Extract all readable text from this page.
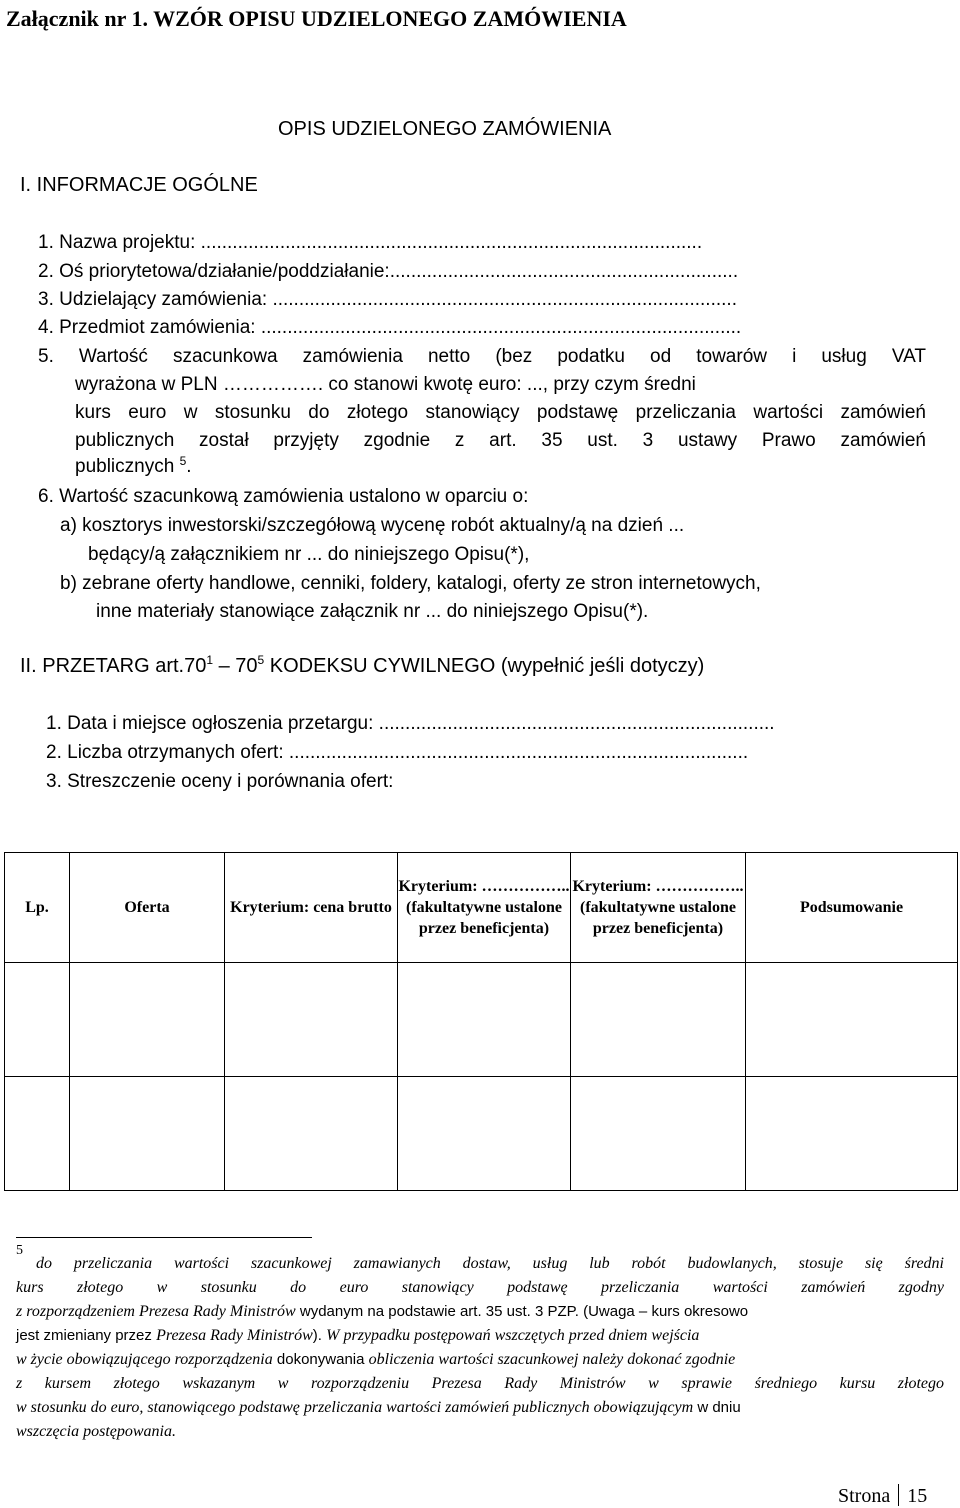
Załącznik nr 1. WZÓR OPISU UDZIELONEGO ZAMÓWIENIA
OPIS UDZIELONEGO ZAMÓWIENIA
I. INFORMACJE OGÓLNE
1. Nazwa projektu: ...............................................................................................
2. Oś priorytetowa/działanie/poddziałanie:..................................................................
3. Udzielający zamówienia: ........................................................................................
4. Przedmiot zamówienia: ...........................................................................................
5. Wartość szacunkowa zamówienia netto (bez podatku od towarów i usług VAT
wyrażona w PLN ……………. co stanowi kwotę euro: ..., przy czym średni
kurs euro w stosunku do złotego stanowiący podstawę przeliczania wartości zamówień
publicznych został przyjęty zgodnie z art. 35 ust. 3 ustawy Prawo zamówień
publicznych $^5$.
6. Wartość szacunkową zamówienia ustalono w oparciu o:
a) kosztorys inwestorski/szczegółową wycenę robót aktualny/ą na dzień ...
będący/ą załącznikiem nr ... do niniejszego Opisu(*),
b) zebrane oferty handlowe, cenniki, foldery, katalogi, oferty ze stron internetowych,
inne materiały stanowiące załącznik nr ... do niniejszego Opisu(*).
II. PRZETARG $art.70^1 - 70^5$ KODEKSU CYWILNEGO (wypełnić jeśli dotyczy)
1. Data i miejsce ogłoszenia przetargu: ...........................................................................
2. Liczba otrzymanych ofert: .......................................................................................
3. Streszczenie oceny i porównania ofert:
Lp.	Oferta	Kryterium: cena brutto	Kryterium: …………….. (fakultatywne ustalone przez beneficjenta)	Kryterium: …………….. (fakultatywne ustalone przez beneficjenta)	Podsumowanie

5
do przeliczania wartości szacunkowej zamawianych dostaw, usług lub robót budowlanych, stosuje się średni
kurs złotego w stosunku do euro stanowiący podstawę przeliczania wartości zamówień zgodny
z rozporządzeniem Prezesa Rady Ministrów wydanym na podstawie art. 35 ust. 3 PZP. (Uwaga – kurs okresowo
jest zmieniany przez Prezesa Rady Ministrów). W przypadku postępowań wszczętych przed dniem wejścia
w życie obowiązującego rozporządzenia dokonywania obliczenia wartości szacunkowej należy dokonać zgodnie
z kursem złotego wskazanym w rozporządzeniu Prezesa Rady Ministrów w sprawie średniego kursu złotego
w stosunku do euro, stanowiącego podstawę przeliczania wartości zamówień publicznych obowiązującym w dniu
wszczęcia postępowania.
Strona 15
